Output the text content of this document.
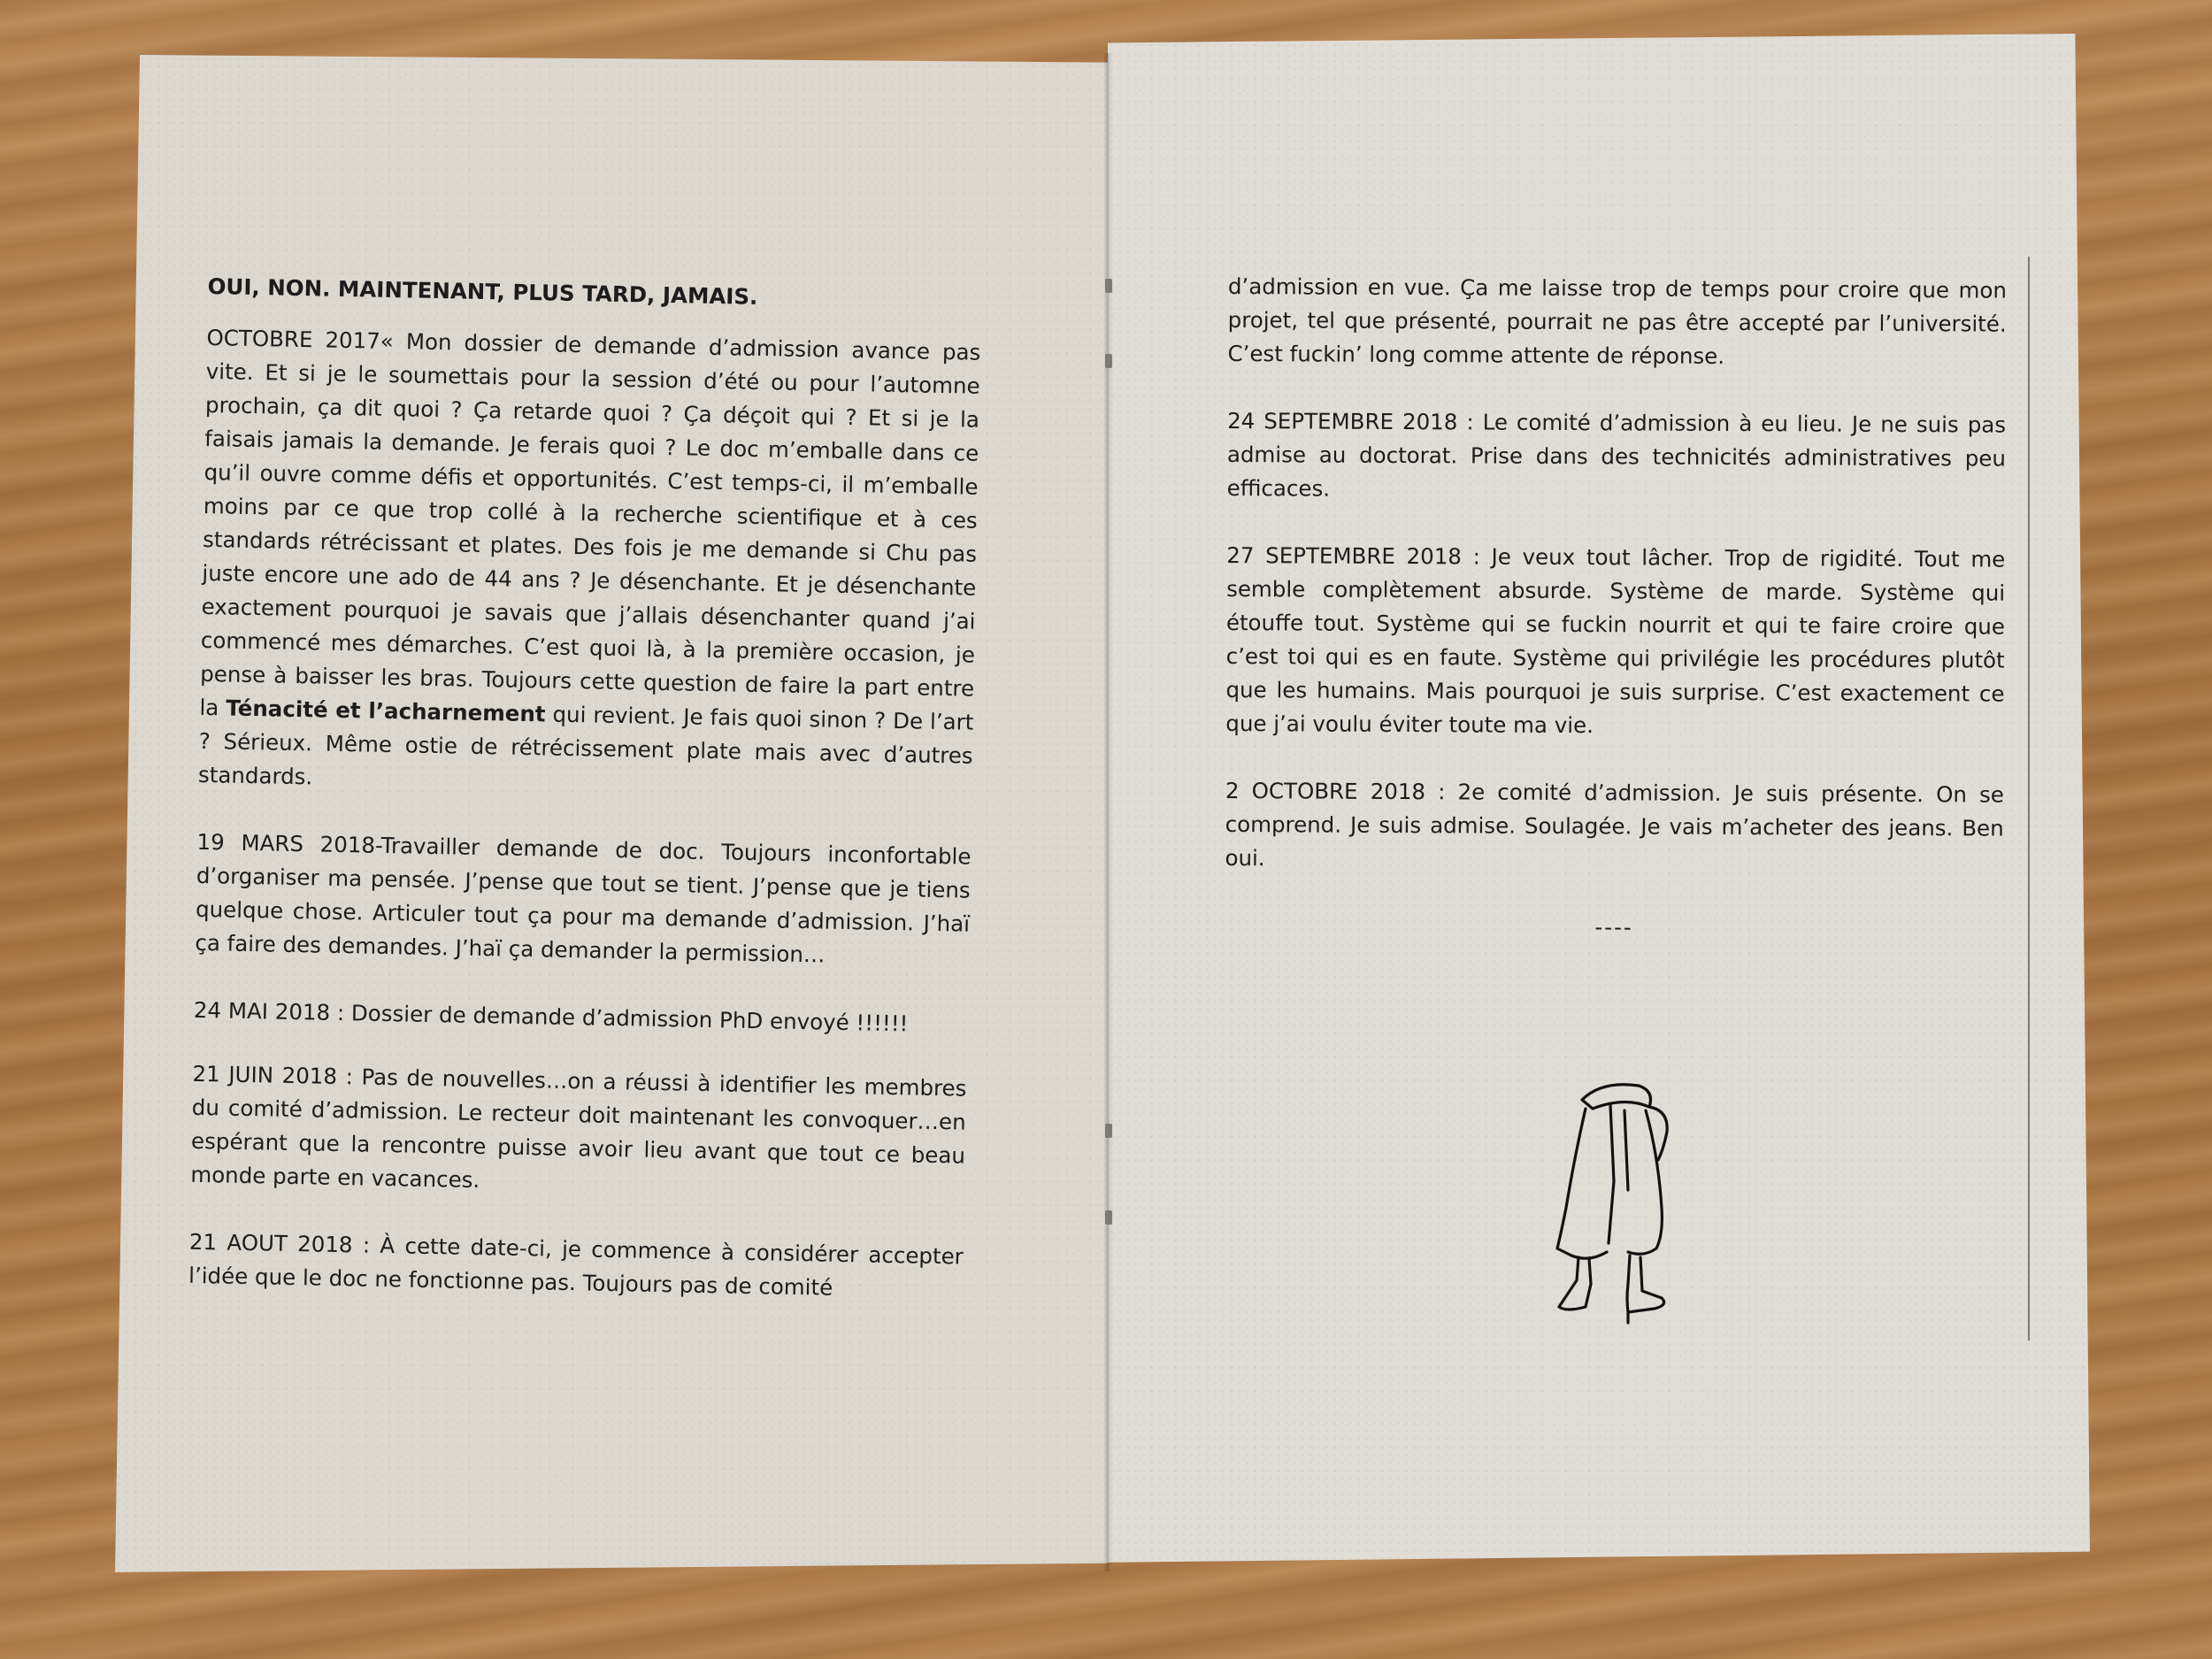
OUI, NON. MAINTENANT, PLUS TARD, JAMAIS.

OCTOBRE 2017« Mon dossier de demande d’admission avance pas vite. Et si je le soumettais pour la session d’été ou pour l’automne prochain, ça dit quoi ? Ça retarde quoi ? Ça déçoit qui ? Et si je la faisais jamais la demande. Je ferais quoi ? Le doc m’emballe dans ce qu’il ouvre comme défis et opportunités. C’est temps-ci, il m’emballe moins par ce que trop collé à la recherche scientifique et à ces standards rétrécissant et plates. Des fois je me demande si Chu pas juste encore une ado de 44 ans ? Je désenchante. Et je désenchante exactement pourquoi je savais que j’allais désenchanter quand j’ai commencé mes démarches. C’est quoi là, à la première occasion, je pense à baisser les bras. Toujours cette question de faire la part entre la Ténacité et l’acharnement qui revient. Je fais quoi sinon ? De l’art ? Sérieux. Même ostie de rétrécissement plate mais avec d’autres standards.

19 MARS 2018-Travailler demande de doc. Toujours inconfortable d’organiser ma pensée. J’pense que tout se tient. J’pense que je tiens quelque chose. Articuler tout ça pour ma demande d’admission. J’haï ça faire des demandes. J’haï ça demander la permission…

24 MAI 2018 : Dossier de demande d’admission PhD envoyé !!!!!!

21 JUIN 2018 : Pas de nouvelles…on a réussi à identifier les membres du comité d’admission. Le recteur doit maintenant les convoquer…en espérant que la rencontre puisse avoir lieu avant que tout ce beau monde parte en vacances.

21 AOUT 2018 : À cette date-ci, je commence à considérer accepter l’idée que le doc ne fonctionne pas. Toujours pas de comité

d’admission en vue. Ça me laisse trop de temps pour croire que mon projet, tel que présenté, pourrait ne pas être accepté par l’université. C’est fuckin’ long comme attente de réponse.

24 SEPTEMBRE 2018 : Le comité d’admission à eu lieu. Je ne suis pas admise au doctorat. Prise dans des technicités administratives peu efficaces.

27 SEPTEMBRE 2018 : Je veux tout lâcher. Trop de rigidité. Tout me semble complètement absurde. Système de marde. Système qui étouffe tout. Système qui se fuckin nourrit et qui te faire croire que c’est toi qui es en faute. Système qui privilégie les procédures plutôt que les humains. Mais pourquoi je suis surprise. C’est exactement ce que j’ai voulu éviter toute ma vie.

2 OCTOBRE 2018 : 2e comité d’admission. Je suis présente. On se comprend. Je suis admise. Soulagée. Je vais m’acheter des jeans. Ben oui.

----
